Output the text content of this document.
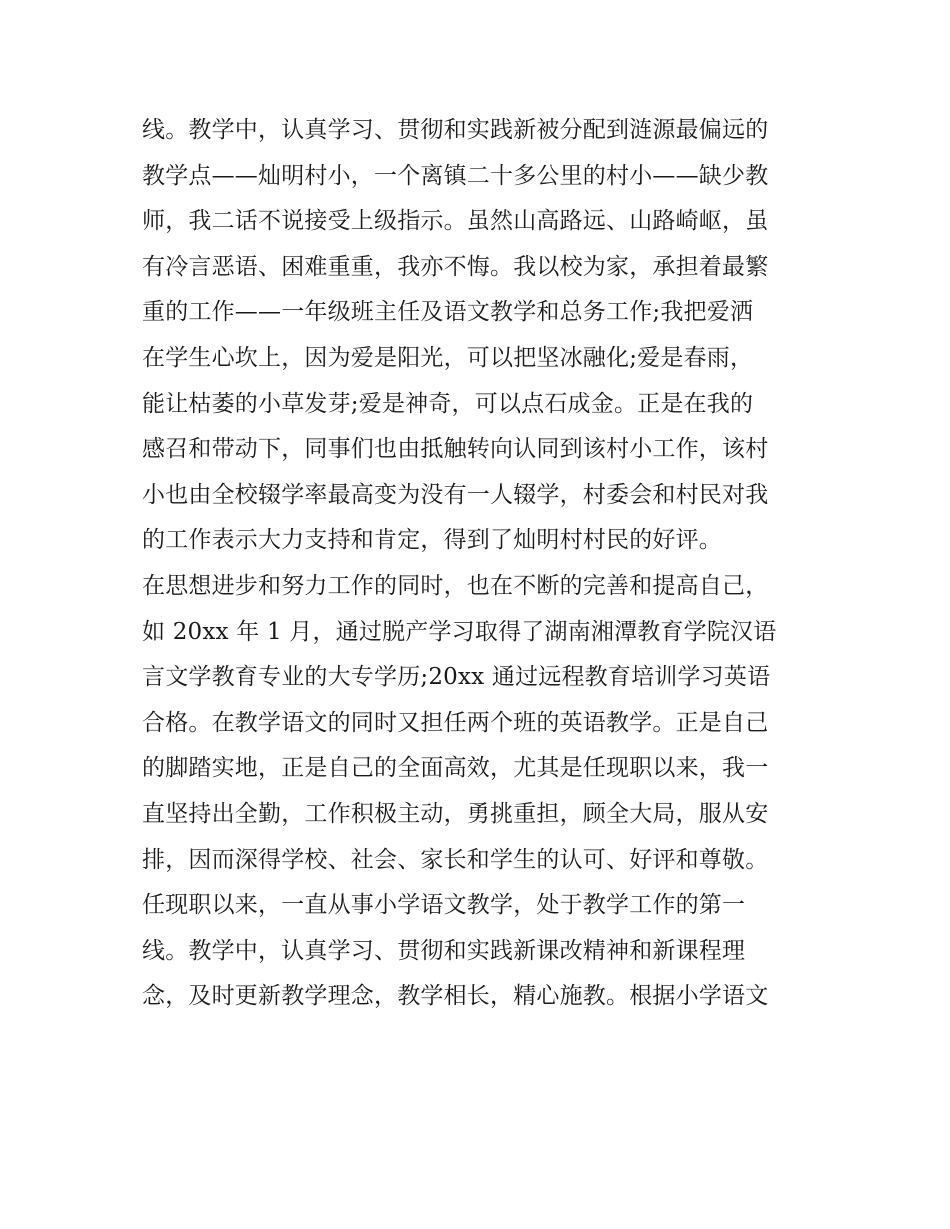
线。教学中，认真学习、贯彻和实践新被分配到涟源最偏远的
教学点——灿明村小，一个离镇二十多公里的村小——缺少教
师，我二话不说接受上级指示。虽然山高路远、山路崎岖，虽
有冷言恶语、困难重重，我亦不悔。我以校为家，承担着最繁
重的工作——一年级班主任及语文教学和总务工作;我把爱洒
在学生心坎上，因为爱是阳光，可以把坚冰融化;爱是春雨，
能让枯萎的小草发芽;爱是神奇，可以点石成金。正是在我的
感召和带动下，同事们也由抵触转向认同到该村小工作，该村
小也由全校辍学率最高变为没有一人辍学，村委会和村民对我
的工作表示大力支持和肯定，得到了灿明村村民的好评。
在思想进步和努力工作的同时，也在不断的完善和提高自己，
如 20xx 年 1 月，通过脱产学习取得了湖南湘潭教育学院汉语
言文学教育专业的大专学历;20xx 通过远程教育培训学习英语
合格。在教学语文的同时又担任两个班的英语教学。正是自己
的脚踏实地，正是自己的全面高效，尤其是任现职以来，我一
直坚持出全勤，工作积极主动，勇挑重担，顾全大局，服从安
排，因而深得学校、社会、家长和学生的认可、好评和尊敬。
任现职以来，一直从事小学语文教学，处于教学工作的第一
线。教学中，认真学习、贯彻和实践新课改精神和新课程理
念，及时更新教学理念，教学相长，精心施教。根据小学语文
